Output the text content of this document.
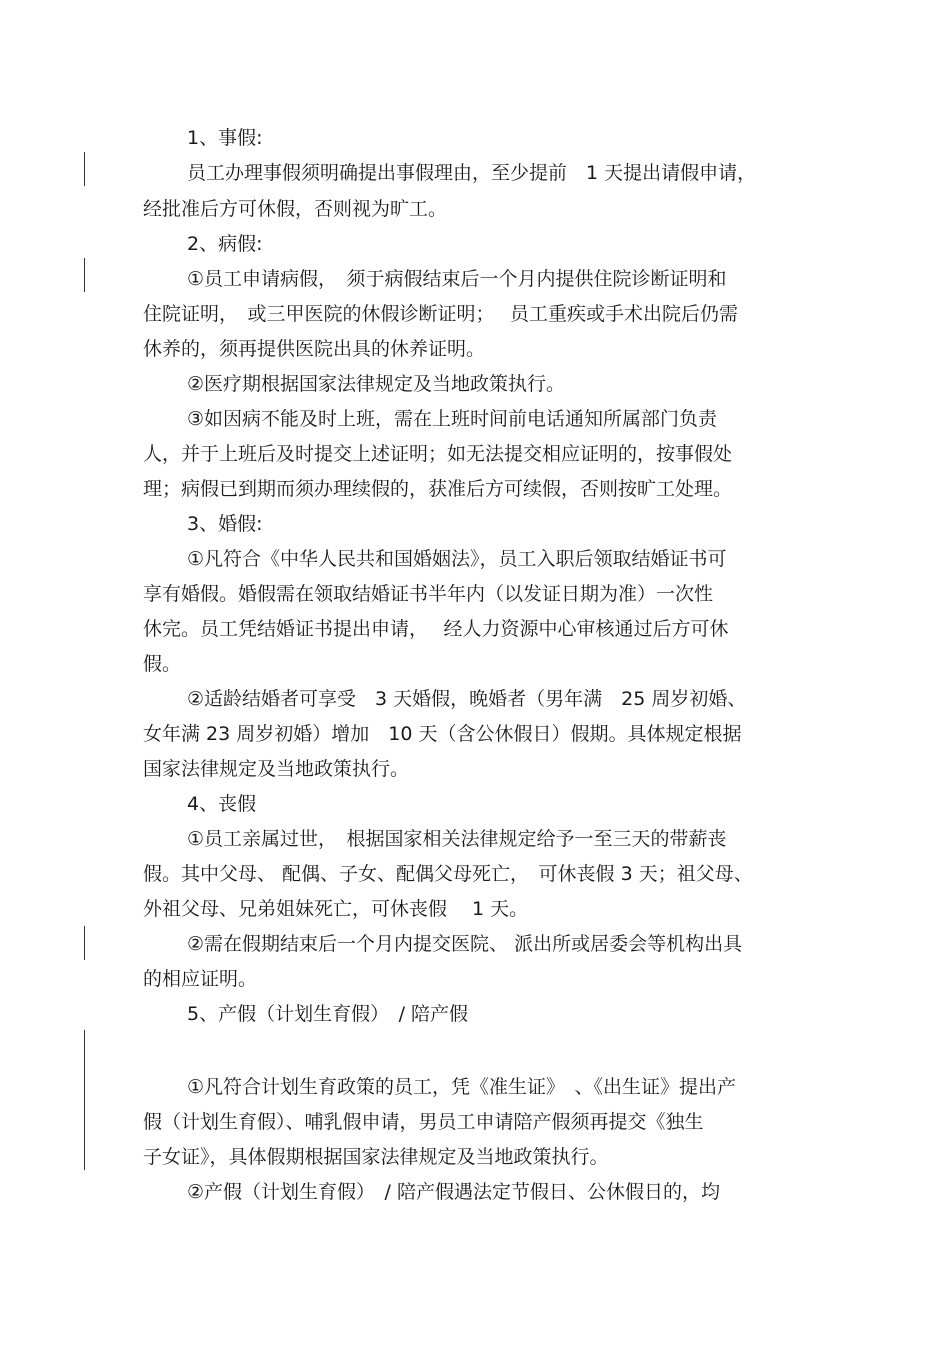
1、事假:
员工办理事假须明确提出事假理由，至少提前　1 天提出请假申请，
经批准后方可休假，否则视为旷工。
2、病假:
①员工申请病假，　须于病假结束后一个月内提供住院诊断证明和
住院证明，　或三甲医院的休假诊断证明；　 员工重疾或手术出院后仍需
休养的，须再提供医院出具的休养证明。
②医疗期根据国家法律规定及当地政策执行。
③如因病不能及时上班，需在上班时间前电话通知所属部门负责
人，并于上班后及时提交上述证明；如无法提交相应证明的，按事假处
理；病假已到期而须办理续假的，获准后方可续假，否则按旷工处理。
3、婚假:
①凡符合《中华人民共和国婚姻法》，员工入职后领取结婚证书可
享有婚假。婚假需在领取结婚证书半年内（以发证日期为准）一次性
休完。员工凭结婚证书提出申请，　 经人力资源中心审核通过后方可休
假。
②适龄结婚者可享受　3 天婚假，晚婚者（男年满　25 周岁初婚、
女年满 23 周岁初婚）增加　10 天（含公休假日）假期。具体规定根据
国家法律规定及当地政策执行。
4、丧假
①员工亲属过世，　根据国家相关法律规定给予一至三天的带薪丧
假。其中父母、 配偶、子女、配偶父母死亡，　可休丧假 3 天；祖父母、
外祖父母、兄弟姐妹死亡，可休丧假　 1 天。
②需在假期结束后一个月内提交医院、 派出所或居委会等机构出具
的相应证明。
5、产假（计划生育假）　/ 陪产假
①凡符合计划生育政策的员工，凭《准生证》　、《出生证》提出产
假（计划生育假）、哺乳假申请，男员工申请陪产假须再提交《独生
子女证》，具体假期根据国家法律规定及当地政策执行。
②产假（计划生育假）　/ 陪产假遇法定节假日、公休假日的，均
